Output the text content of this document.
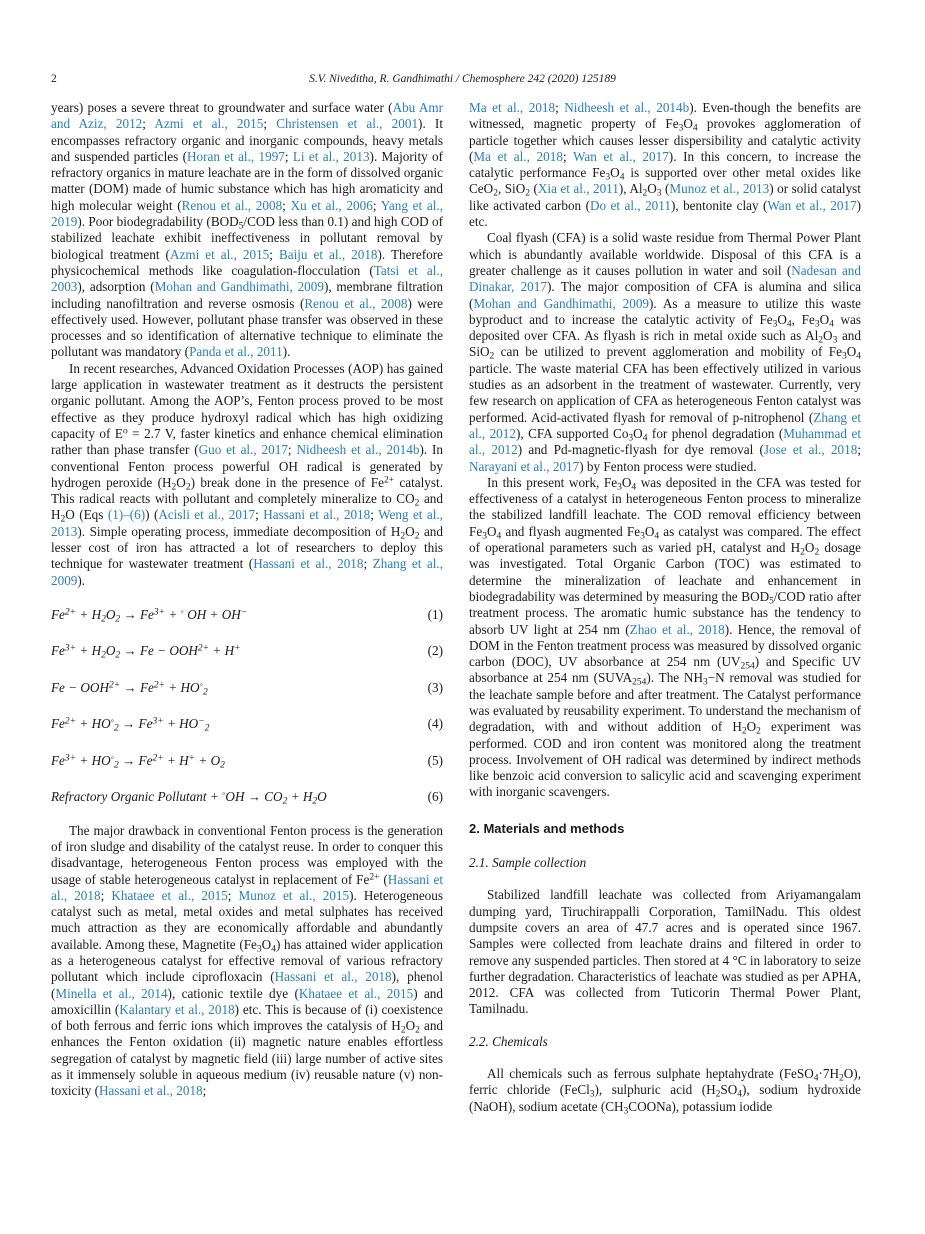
2	S.V. Niveditha, R. Gandhimathi / Chemosphere 242 (2020) 125189

years) poses a severe threat to groundwater and surface water (Abu Amr and Aziz, 2012; Azmi et al., 2015; Christensen et al., 2001). It encompasses refractory organic and inorganic compounds, heavy metals and suspended particles (Horan et al., 1997; Li et al., 2013). Majority of refractory organics in mature leachate are in the form of dissolved organic matter (DOM) made of humic substance which has high aromaticity and high molecular weight (Renou et al., 2008; Xu et al., 2006; Yang et al., 2019). Poor biodegradability ($BOD_5$/COD less than 0.1) and high COD of stabilized leachate exhibit ineffectiveness in pollutant removal by biological treatment (Azmi et al., 2015; Baiju et al., 2018). Therefore physicochemical methods like coagulation-flocculation (Tatsi et al., 2003), adsorption (Mohan and Gandhimathi, 2009), membrane filtration including nanofiltration and reverse osmosis (Renou et al., 2008) were effectively used. However, pollutant phase transfer was observed in these processes and so identification of alternative technique to eliminate the pollutant was mandatory (Panda et al., 2011).

In recent researches, Advanced Oxidation Processes (AOP) has gained large application in wastewater treatment as it destructs the persistent organic pollutant. Among the AOP’s, Fenton process proved to be most effective as they produce hydroxyl radical which has high oxidizing capacity of $E^o = 2.7$ V, faster kinetics and enhance chemical elimination rather than phase transfer (Guo et al., 2017; Nidheesh et al., 2014b). In conventional Fenton process powerful OH radical is generated by hydrogen peroxide $(H_2O_2)$ break done in the presence of $Fe^{2+}$ catalyst. This radical reacts with pollutant and completely mineralize to $CO_2$ and $H_2O$ (Eqs (1)–(6)) (Acisli et al., 2017; Hassani et al., 2018; Weng et al., 2013). Simple operating process, immediate decomposition of $H_2O_2$ and lesser cost of iron has attracted a lot of researchers to deploy this technique for wastewater treatment (Hassani et al., 2018; Zhang et al., 2009).

$Fe^{2+} + H_2O_2 \to Fe^{3+} + ^◦$ OH + OH−	(1)
$Fe^{3+} + H_2O_2 \to Fe - OOH^{2+} + H^+$	(2)
$Fe - OOH^{2+} \to Fe^{2+} + HO^◦_2$	(3)
$Fe^{2+} + HO^◦_2 \to Fe^{3+} + HO^-_2$	(4)
$Fe^{3+} + HO^◦_2 \to Fe^{2+} + H^+ + O_2$	(5)
Refractory Organic Pollutant + $^◦OH \to CO_2 + H_2O$	(6)

The major drawback in conventional Fenton process is the generation of iron sludge and disability of the catalyst reuse. In order to conquer this disadvantage, heterogeneous Fenton process was employed with the usage of stable heterogeneous catalyst in replacement of $Fe^{2+}$ (Hassani et al., 2018; Khataee et al., 2015; Munoz et al., 2015). Heterogeneous catalyst such as metal, metal oxides and metal sulphates has received much attraction as they are economically affordable and abundantly available. Among these, Magnetite $(Fe_3O_4)$ has attained wider application as a heterogeneous catalyst for effective removal of various refractory pollutant which include ciprofloxacin (Hassani et al., 2018), phenol (Minella et al., 2014), cationic textile dye (Khataee et al., 2015) and amoxicillin (Kalantary et al., 2018) etc. This is because of (i) coexistence of both ferrous and ferric ions which improves the catalysis of $H_2O_2$ and enhances the Fenton oxidation (ii) magnetic nature enables effortless segregation of catalyst by magnetic field (iii) large number of active sites as it immensely soluble in aqueous medium (iv) reusable nature (v) non-toxicity (Hassani et al., 2018;

Ma et al., 2018; Nidheesh et al., 2014b). Even-though the benefits are witnessed, magnetic property of $Fe_3O_4$ provokes agglomeration of particle together which causes lesser dispersibility and catalytic activity (Ma et al., 2018; Wan et al., 2017). In this concern, to increase the catalytic performance $Fe_3O_4$ is supported over other metal oxides like CeO$_2$, SiO$_2$ (Xia et al., 2011), $Al_2O_3$ (Munoz et al., 2013) or solid catalyst like activated carbon (Do et al., 2011), bentonite clay (Wan et al., 2017) etc.

Coal flyash (CFA) is a solid waste residue from Thermal Power Plant which is abundantly available worldwide. Disposal of this CFA is a greater challenge as it causes pollution in water and soil (Nadesan and Dinakar, 2017). The major composition of CFA is alumina and silica (Mohan and Gandhimathi, 2009). As a measure to utilize this waste byproduct and to increase the catalytic activity of $Fe_3O_4$, $Fe_3O_4$ was deposited over CFA. As flyash is rich in metal oxide such as $Al_2O_3$ and SiO$_2$ can be utilized to prevent agglomeration and mobility of $Fe_3O_4$ particle. The waste material CFA has been effectively utilized in various studies as an adsorbent in the treatment of wastewater. Currently, very few research on application of CFA as heterogeneous Fenton catalyst was performed. Acid-activated flyash for removal of p-nitrophenol (Zhang et al., 2012), CFA supported $Co_3O_4$ for phenol degradation (Muhammad et al., 2012) and Pd-magnetic-flyash for dye removal (Jose et al., 2018; Narayani et al., 2017) by Fenton process were studied.

In this present work, $Fe_3O_4$ was deposited in the CFA was tested for effectiveness of a catalyst in heterogeneous Fenton process to mineralize the stabilized landfill leachate. The COD removal efficiency between $Fe_3O_4$ and flyash augmented $Fe_3O_4$ as catalyst was compared. The effect of operational parameters such as varied pH, catalyst and $H_2O_2$ dosage was investigated. Total Organic Carbon (TOC) was estimated to determine the mineralization of leachate and enhancement in biodegradability was determined by measuring the $BOD_5$/COD ratio after treatment process. The aromatic humic substance has the tendency to absorb UV light at 254 nm (Zhao et al., 2018). Hence, the removal of DOM in the Fenton treatment process was measured by dissolved organic carbon (DOC), UV absorbance at 254 nm $(UV_{254})$ and Specific UV absorbance at 254 nm $(SUVA_{254})$. The $NH_3-N$ removal was studied for the leachate sample before and after treatment. The Catalyst performance was evaluated by reusability experiment. To understand the mechanism of degradation, with and without addition of $H_2O_2$ experiment was performed. COD and iron content was monitored along the treatment process. Involvement of OH radical was determined by indirect methods like benzoic acid conversion to salicylic acid and scavenging experiment with inorganic scavengers.

2. Materials and methods
2.1. Sample collection

Stabilized landfill leachate was collected from Ariyamangalam dumping yard, Tiruchirappalli Corporation, TamilNadu. This oldest dumpsite covers an area of 47.7 acres and is operated since 1967. Samples were collected from leachate drains and filtered in order to remove any suspended particles. Then stored at 4 °C in laboratory to seize further degradation. Characteristics of leachate was studied as per APHA, 2012. CFA was collected from Tuticorin Thermal Power Plant, Tamilnadu.

2.2. Chemicals

All chemicals such as ferrous sulphate heptahydrate $(FeSO_4\cdot 7H_2O)$, ferric chloride (FeCl$_3$), sulphuric acid $(H_2SO_4)$, sodium hydroxide (NaOH), sodium acetate $(CH_3COONa)$, potassium iodide
